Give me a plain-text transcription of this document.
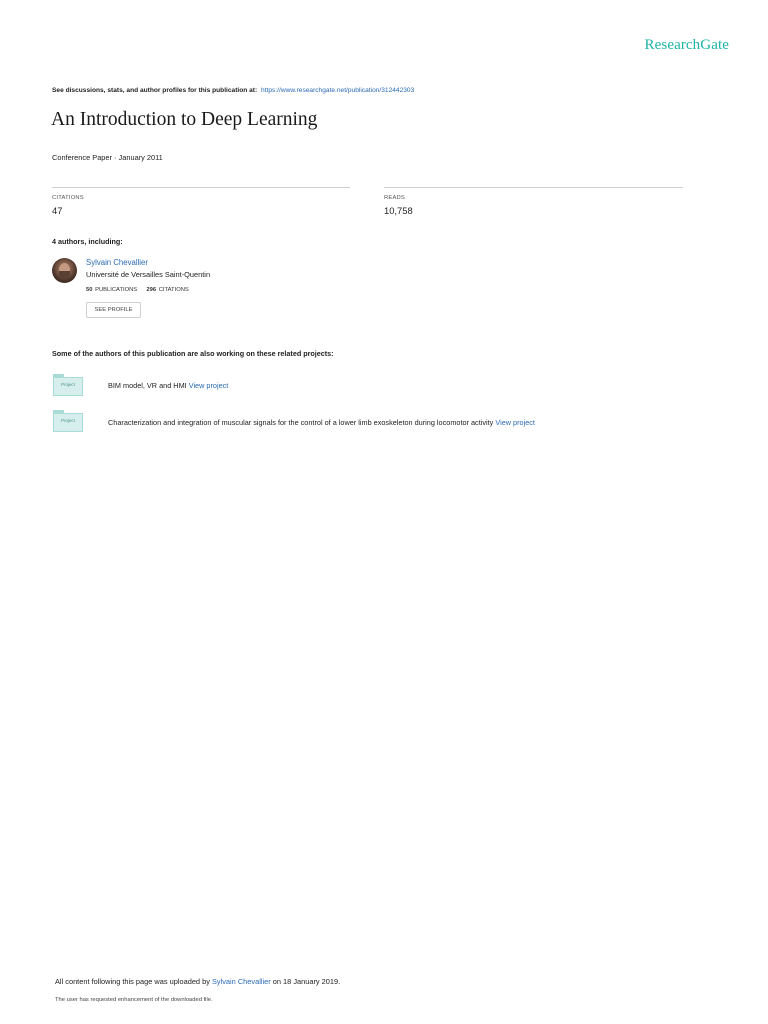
ResearchGate
See discussions, stats, and author profiles for this publication at: https://www.researchgate.net/publication/312442303
An Introduction to Deep Learning
Conference Paper · January 2011
CITATIONS
47
READS
10,758
4 authors, including:
Sylvain Chevallier
Université de Versailles Saint-Quentin
50 PUBLICATIONS 296 CITATIONS
SEE PROFILE
Some of the authors of this publication are also working on these related projects:
Project	BIM model, VR and HMI View project
Project	Characterization and integration of muscular signals for the control of a lower limb exoskeleton during locomotor activity View project
All content following this page was uploaded by Sylvain Chevallier on 18 January 2019.
The user has requested enhancement of the downloaded file.
